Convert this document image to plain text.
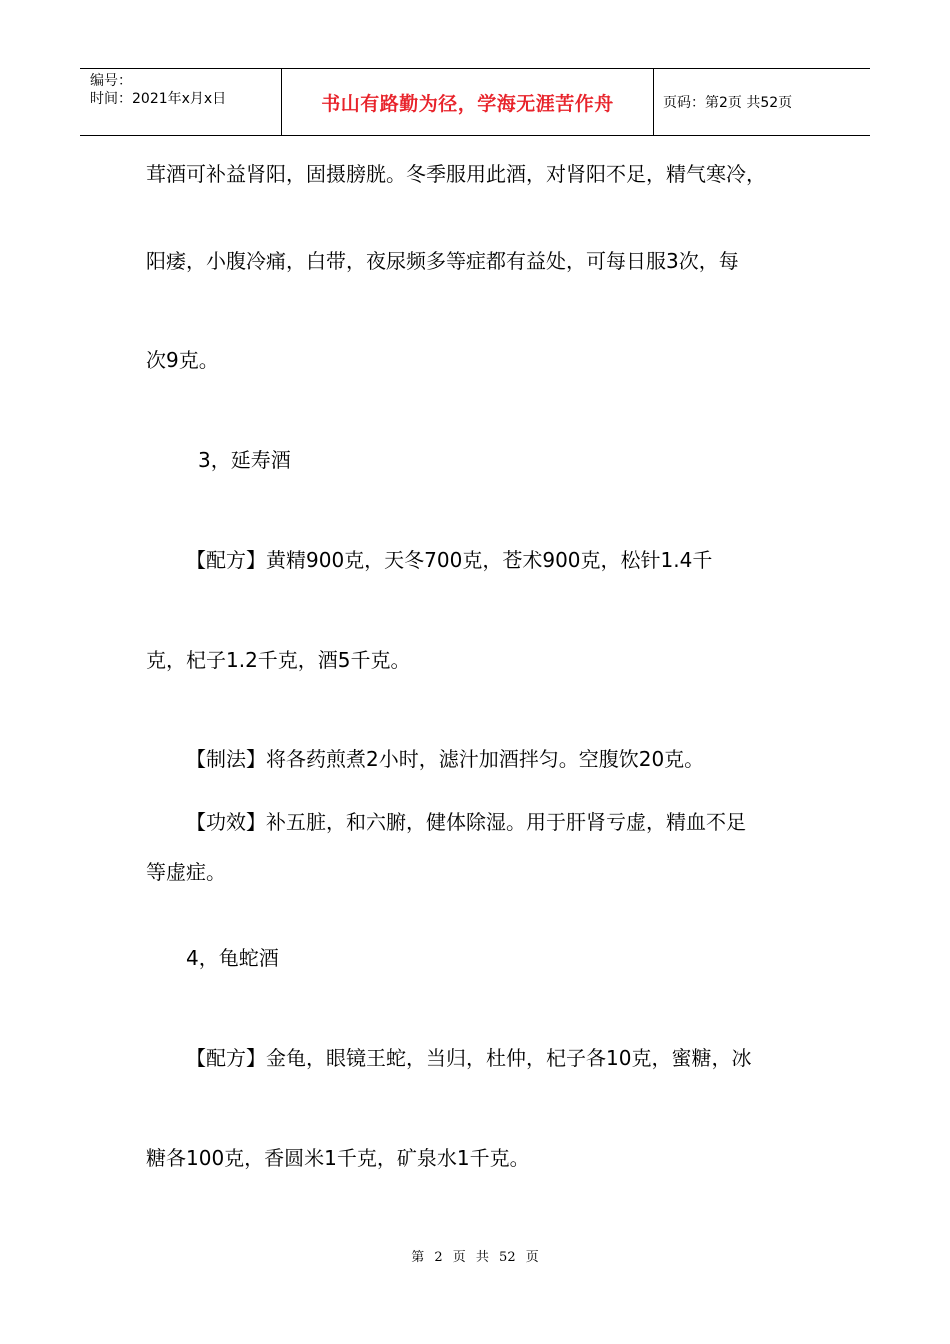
编号：
时间：2021年x月x日	书山有路勤为径，学海无涯苦作舟	页码：第2页 共52页
茸酒可补益肾阳，固摄膀胱。冬季服用此酒，对肾阳不足，精气寒冷，
阳痿，小腹冷痛，白带，夜尿频多等症都有益处，可每日服3次，每
次9克。
3，延寿酒
【配方】黄精900克，天冬700克，苍术900克，松针1.4千
克，杞子1.2千克，酒5千克。
【制法】将各药煎煮2小时，滤汁加酒拌匀。空腹饮20克。
【功效】补五脏，和六腑，健体除湿。用于肝肾亏虚，精血不足
等虚症。
4，龟蛇酒
【配方】金龟，眼镜王蛇，当归，杜仲，杞子各10克，蜜糖，冰
糖各100克，香圆米1千克，矿泉水1千克。
第 2 页 共 52 页
